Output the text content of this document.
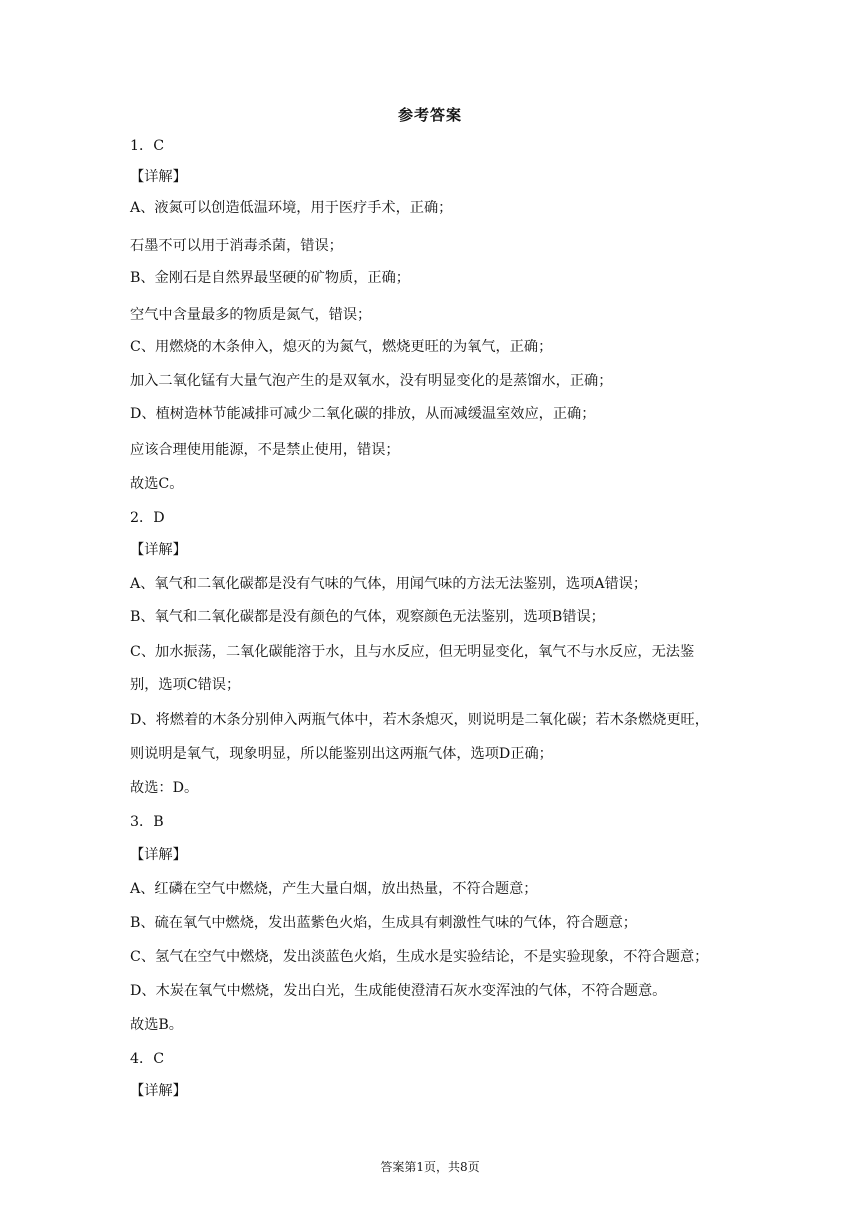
参考答案
1．C
【详解】
A、液氮可以创造低温环境，用于医疗手术，正确；
石墨不可以用于消毒杀菌，错误；
B、金刚石是自然界最坚硬的矿物质，正确；
空气中含量最多的物质是氮气，错误；
C、用燃烧的木条伸入，熄灭的为氮气，燃烧更旺的为氧气，正确；
加入二氧化锰有大量气泡产生的是双氧水，没有明显变化的是蒸馏水，正确；
D、植树造林节能减排可减少二氧化碳的排放，从而减缓温室效应，正确；
应该合理使用能源，不是禁止使用，错误；
故选C。
2．D
【详解】
A、氧气和二氧化碳都是没有气味的气体，用闻气味的方法无法鉴别，选项A错误；
B、氧气和二氧化碳都是没有颜色的气体，观察颜色无法鉴别，选项B错误；
C、加水振荡，二氧化碳能溶于水，且与水反应，但无明显变化，氧气不与水反应，无法鉴
别，选项C错误；
D、将燃着的木条分别伸入两瓶气体中，若木条熄灭，则说明是二氧化碳；若木条燃烧更旺，
则说明是氧气，现象明显，所以能鉴别出这两瓶气体，选项D正确；
故选：D。
3．B
【详解】
A、红磷在空气中燃烧，产生大量白烟，放出热量，不符合题意；
B、硫在氧气中燃烧，发出蓝紫色火焰，生成具有刺激性气味的气体，符合题意；
C、氢气在空气中燃烧，发出淡蓝色火焰，生成水是实验结论，不是实验现象，不符合题意；
D、木炭在氧气中燃烧，发出白光，生成能使澄清石灰水变浑浊的气体，不符合题意。
故选B。
4．C
【详解】
答案第1页，共8页
